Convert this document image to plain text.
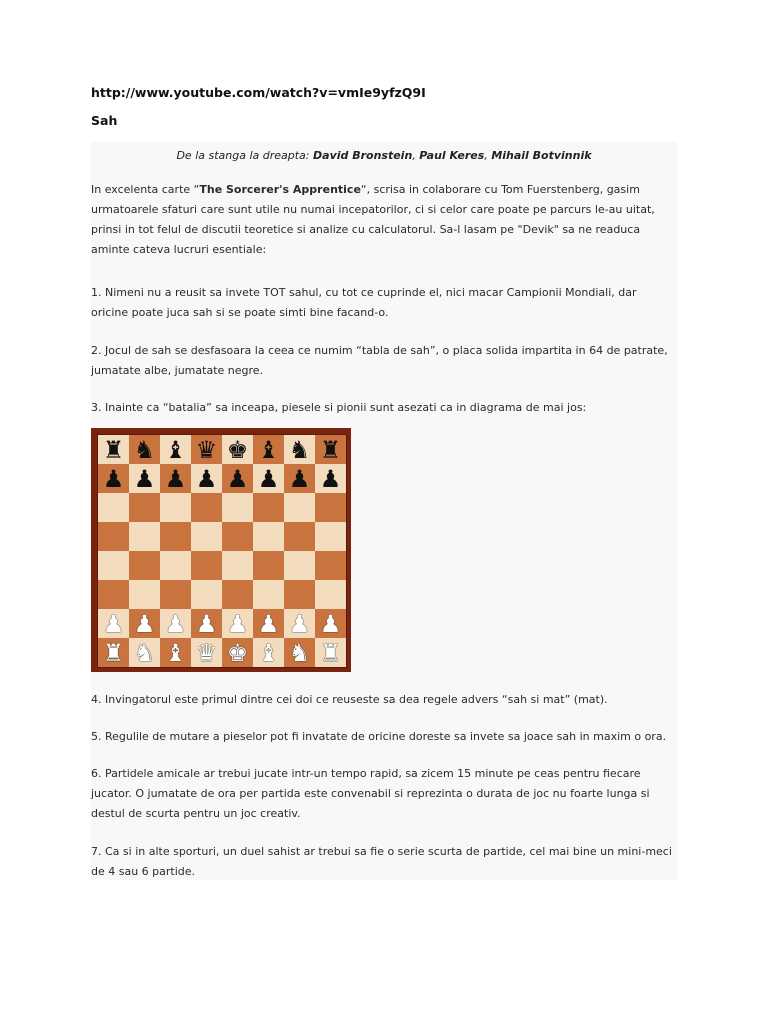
http://www.youtube.com/watch?v=vmIe9yfzQ9I
Sah
De la stanga la dreapta: David Bronstein, Paul Keres, Mihail Botvinnik

In excelenta carte “The Sorcerer's Apprentice“, scrisa in colaborare cu Tom Fuerstenberg, gasim urmatoarele sfaturi care sunt utile nu numai incepatorilor, ci si celor care poate pe parcurs le-au uitat, prinsi in tot felul de discutii teoretice si analize cu calculatorul. Sa-l lasam pe "Devik" sa ne readuca aminte cateva lucruri esentiale:

1. Nimeni nu a reusit sa invete TOT sahul, cu tot ce cuprinde el, nici macar Campionii Mondiali, dar oricine poate juca sah si se poate simti bine facand-o.

2. Jocul de sah se desfasoara la ceea ce numim “tabla de sah”, o placa solida impartita in 64 de patrate, jumatate albe, jumatate negre.

3. Inainte ca “batalia” sa inceapa, piesele si pionii sunt asezati ca in diagrama de mai jos:

♜ ♞ ♝ ♛ ♚ ♝ ♞ ♜
♟ ♟ ♟ ♟ ♟ ♟ ♟ ♟
♟ ♟ ♟ ♟ ♟ ♟ ♟ ♟
♜ ♞ ♝ ♛ ♚ ♝ ♞ ♜

4. Invingatorul este primul dintre cei doi ce reuseste sa dea regele advers “sah si mat” (mat).

5. Regulile de mutare a pieselor pot fi invatate de oricine doreste sa invete sa joace sah in maxim o ora.

6. Partidele amicale ar trebui jucate intr-un tempo rapid, sa zicem 15 minute pe ceas pentru fiecare jucator. O jumatate de ora per partida este convenabil si reprezinta o durata de joc nu foarte lunga si destul de scurta pentru un joc creativ.

7. Ca si in alte sporturi, un duel sahist ar trebui sa fie o serie scurta de partide, cel mai bine un mini-meci de 4 sau 6 partide.
